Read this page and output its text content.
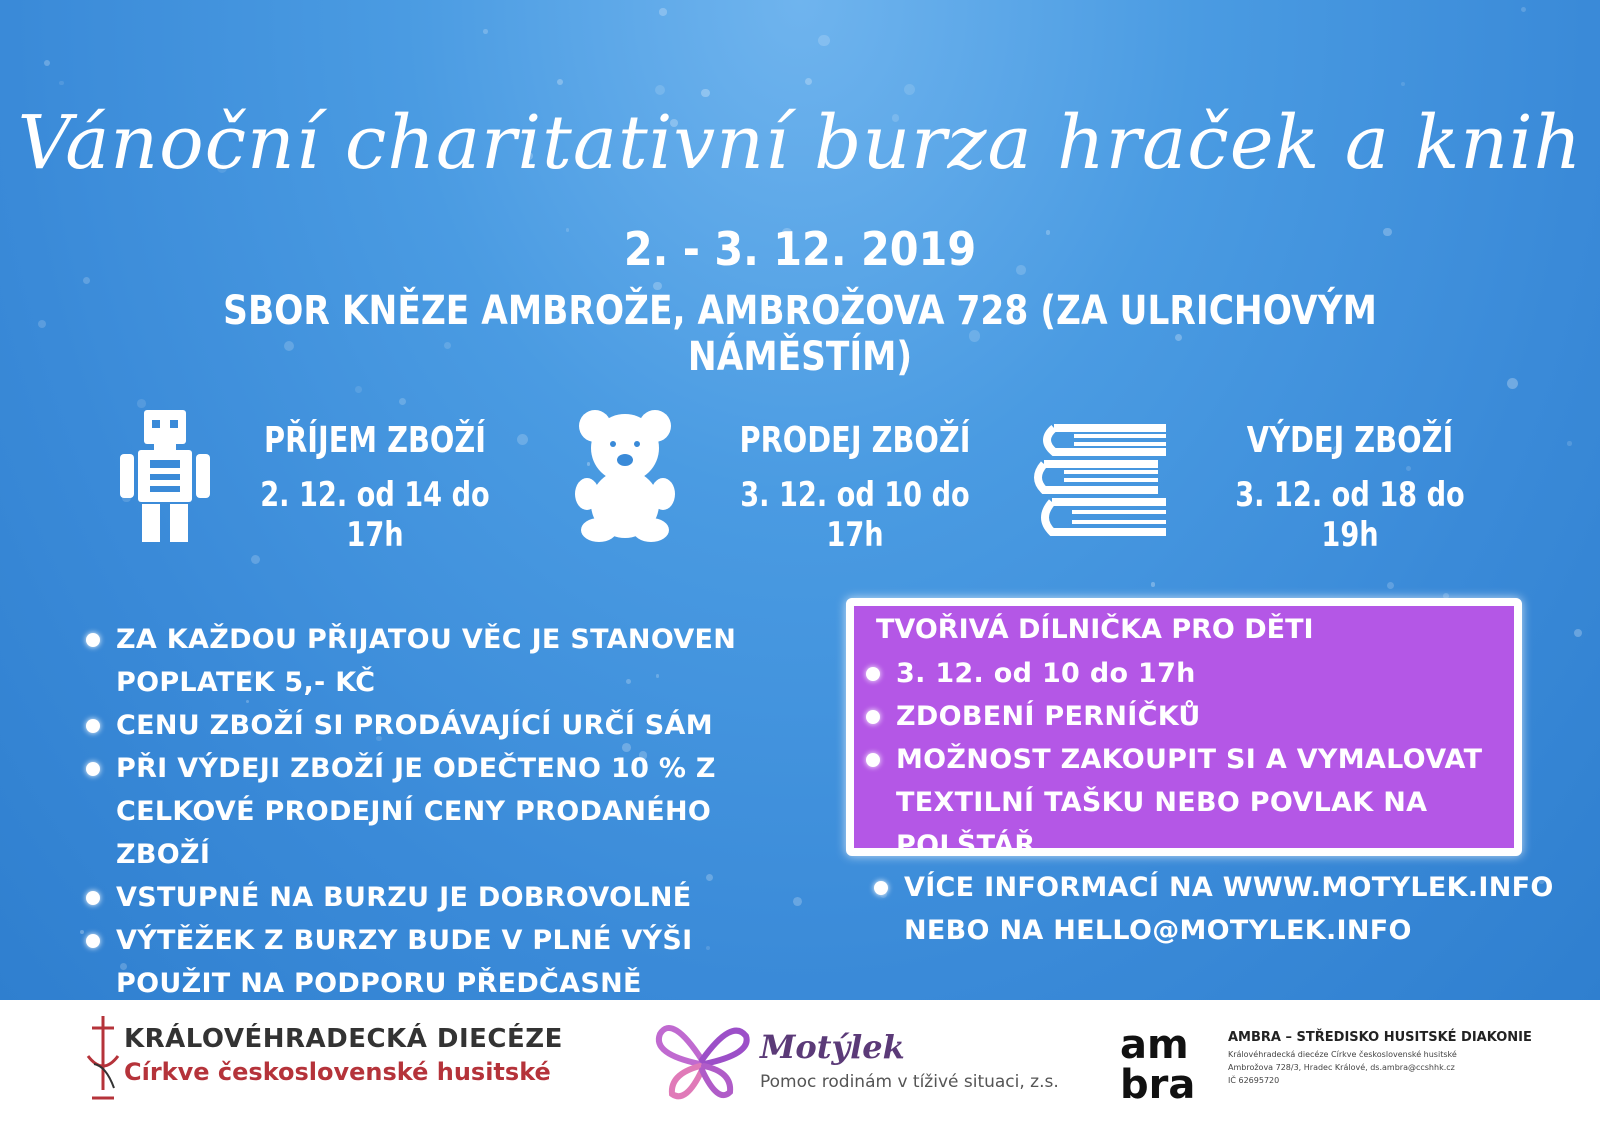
Vánoční charitativní burza hraček a knih
2. - 3. 12. 2019
SBOR KNĚZE AMBROŽE, AMBROŽOVA 728 (ZA ULRICHOVÝM NÁMĚSTÍM)
PŘÍJEM ZBOŽÍ
2. 12. od 14 do 17h
PRODEJ ZBOŽÍ
3. 12. od 10 do 17h
VÝDEJ ZBOŽÍ
3. 12. od 18 do 19h
ZA KAŽDOU PŘIJATOU VĚC JE STANOVEN POPLATEK 5,- KČ
CENU ZBOŽÍ SI PRODÁVAJÍCÍ URČÍ SÁM
PŘI VÝDEJI ZBOŽÍ JE ODEČTENO 10 % Z CELKOVÉ PRODEJNÍ CENY PRODANÉHO ZBOŽÍ
VSTUPNÉ NA BURZU JE DOBROVOLNÉ
VÝTĚŽEK Z BURZY BUDE V PLNÉ VÝŠI POUŽIT NA PODPORU PŘEDČASNĚ
TVOŘIVÁ DÍLNIČKA PRO DĚTI
3. 12. od 10 do 17h
ZDOBENÍ PERNÍČKŮ
MOŽNOST ZAKOUPIT SI A VYMALOVAT TEXTILNÍ TAŠKU NEBO POVLAK NA POLŠTÁŘ
VÍCE INFORMACÍ NA WWW.MOTYLEK.INFO NEBO NA HELLO@MOTYLEK.INFO
KRÁLOVÉHRADECKÁ DIECÉZE
Církve československé husitské
Motýlek
Pomoc rodinám v tíživé situaci, z.s.
am
bra
AMBRA – STŘEDISKO HUSITSKÉ DIAKONIE
Královéhradecká diecéze Církve československé husitské
Ambrožova 728/3, Hradec Králové, ds.ambra@ccshhk.cz
IČ 62695720
